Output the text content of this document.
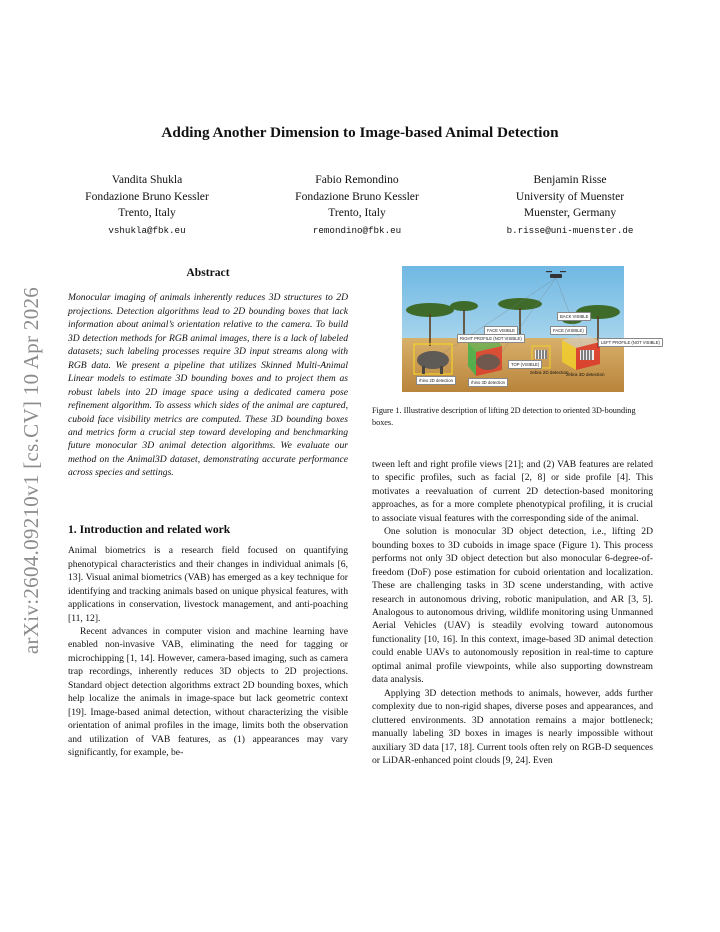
arXiv:2604.09210v1 [cs.CV] 10 Apr 2026
Adding Another Dimension to Image-based Animal Detection
Vandita Shukla
Fondazione Bruno Kessler
Trento, Italy
vshukla@fbk.eu
Fabio Remondino
Fondazione Bruno Kessler
Trento, Italy
remondino@fbk.eu
Benjamin Risse
University of Muenster
Muenster, Germany
b.risse@uni-muenster.de
Abstract

Monocular imaging of animals inherently reduces 3D structures to 2D projections. Detection algorithms lead to 2D bounding boxes that lack information about animal’s orientation relative to the camera. To build 3D detection methods for RGB animal images, there is a lack of labeled datasets; such labeling processes require 3D input streams along with RGB data. We present a pipeline that utilizes Skinned Multi-Animal Linear models to estimate 3D bounding boxes and to project them as robust labels into 2D image space using a dedicated camera pose refinement algorithm. To assess which sides of the animal are captured, cuboid face visibility metrics are computed. These 3D bounding boxes and metrics form a crucial step toward developing and benchmarking future monocular 3D animal detection algorithms. We evaluate our method on the Animal3D dataset, demonstrating accurate performance across species and settings.

1. Introduction and related work

Animal biometrics is a research field focused on quantifying phenotypical characteristics and their changes in individual animals [6, 13]. Visual animal biometrics (VAB) has emerged as a key technique for identifying and tracking animals based on unique physical features, with applications in conservation, livestock management, and anti-poaching [11, 12].

Recent advances in computer vision and machine learning have enabled non-invasive VAB, eliminating the need for tagging or microchipping [1, 14]. However, camera-based imaging, such as camera trap recordings, inherently reduces 3D objects to 2D projections. Standard object detection algorithms extract 2D bounding boxes, which help localize the animals in image-space but lack geometric context [19]. Image-based animal detection, without characterizing the visible orientation of animal profiles in the image, limits both the observation and utilization of VAB features, as (1) appearances may vary significantly, for example, be-

RIGHT PROFILE (NOT VISIBLE)
FACE VISIBLE	FACE (VISIBLE)
BACK VISIBLE
LEFT PROFILE (NOT VISIBLE)
TOP (VISIBLE)
rhino 2D detection	rhino 3D detection
zebra 2D detection
zebra 3D detection
Figure 1. Illustrative description of lifting 2D detection to oriented 3D-bounding boxes.

tween left and right profile views [21]; and (2) VAB features are related to specific profiles, such as facial [2, 8] or side profile [4]. This motivates a reevaluation of current 2D detection-based monitoring approaches, as for a more complete phenotypical profiling, it is crucial to associate visual features with the corresponding side of the animal.

One solution is monocular 3D object detection, i.e., lifting 2D bounding boxes to 3D cuboids in image space (Figure 1). This process performs not only 3D object detection but also monocular 6-degree-of-freedom (DoF) pose estimation for cuboid orientation and localization. These are challenging tasks in 3D scene understanding, with active research in autonomous driving, robotic manipulation, and AR [3, 5]. Analogous to autonomous driving, wildlife monitoring using Unmanned Aerial Vehicles (UAV) is steadily evolving toward autonomous functionality [10, 16]. In this context, image-based 3D animal detection could enable UAVs to autonomously reposition in real-time to capture optimal animal profile viewpoints, while also supporting downstream data analysis.

Applying 3D detection methods to animals, however, adds further complexity due to non-rigid shapes, diverse poses and appearances, and cluttered environments. 3D annotation remains a major bottleneck; manually labeling 3D boxes in images is nearly impossible without auxiliary 3D data [17, 18]. Current tools often rely on RGB-D sequences or LiDAR-enhanced point clouds [9, 24]. Even
